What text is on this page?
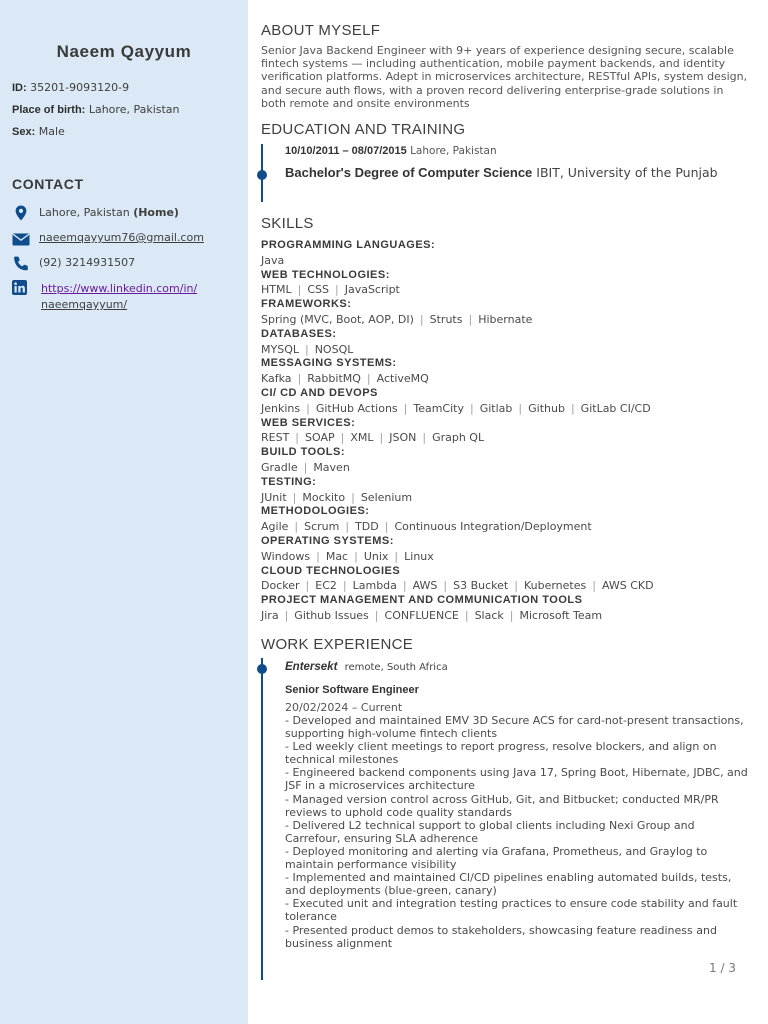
Naeem Qayyum
ID: 35201-9093120-9
Place of birth: Lahore, Pakistan
Sex: Male
CONTACT
Lahore, Pakistan (Home)
naeemqayyum76@gmail.com
(92) 3214931507
https://www.linkedin.com/in/
naeemqayyum/
ABOUT MYSELF
Senior Java Backend Engineer with 9+ years of experience designing secure, scalable fintech systems — including authentication, mobile payment backends, and identity verification platforms. Adept in microservices architecture, RESTful APIs, system design, and secure auth flows, with a proven record delivering enterprise-grade solutions in both remote and onsite environments
EDUCATION AND TRAINING
10/10/2011 – 08/07/2015 Lahore, Pakistan
Bachelor's Degree of Computer Science IBIT, University of the Punjab
SKILLS
PROGRAMMING LANGUAGES:
Java
WEB TECHNOLOGIES:
HTML | CSS | JavaScript
FRAMEWORKS:
Spring (MVC, Boot, AOP, DI) | Struts | Hibernate
DATABASES:
MYSQL | NOSQL
MESSAGING SYSTEMS:
Kafka | RabbitMQ | ActiveMQ
CI/ CD AND DEVOPS
Jenkins | GitHub Actions | TeamCity | Gitlab | Github | GitLab CI/CD
WEB SERVICES:
REST | SOAP | XML | JSON | Graph QL
BUILD TOOLS:
Gradle | Maven
TESTING:
JUnit | Mockito | Selenium
METHODOLOGIES:
Agile | Scrum | TDD | Continuous Integration/Deployment
OPERATING SYSTEMS:
Windows | Mac | Unix | Linux
CLOUD TECHNOLOGIES
Docker | EC2 | Lambda | AWS | S3 Bucket | Kubernetes | AWS CKD
PROJECT MANAGEMENT AND COMMUNICATION TOOLS
Jira | Github Issues | CONFLUENCE | Slack | Microsoft Team
WORK EXPERIENCE
Entersekt remote, South Africa
Senior Software Engineer
20/02/2024 – Current
- Developed and maintained EMV 3D Secure ACS for card-not-present transactions, supporting high-volume fintech clients
- Led weekly client meetings to report progress, resolve blockers, and align on technical milestones
- Engineered backend components using Java 17, Spring Boot, Hibernate, JDBC, and JSF in a microservices architecture
- Managed version control across GitHub, Git, and Bitbucket; conducted MR/PR reviews to uphold code quality standards
- Delivered L2 technical support to global clients including Nexi Group and Carrefour, ensuring SLA adherence
- Deployed monitoring and alerting via Grafana, Prometheus, and Graylog to maintain performance visibility
- Implemented and maintained CI/CD pipelines enabling automated builds, tests, and deployments (blue-green, canary)
- Executed unit and integration testing practices to ensure code stability and fault tolerance
- Presented product demos to stakeholders, showcasing feature readiness and business alignment
1 / 3
